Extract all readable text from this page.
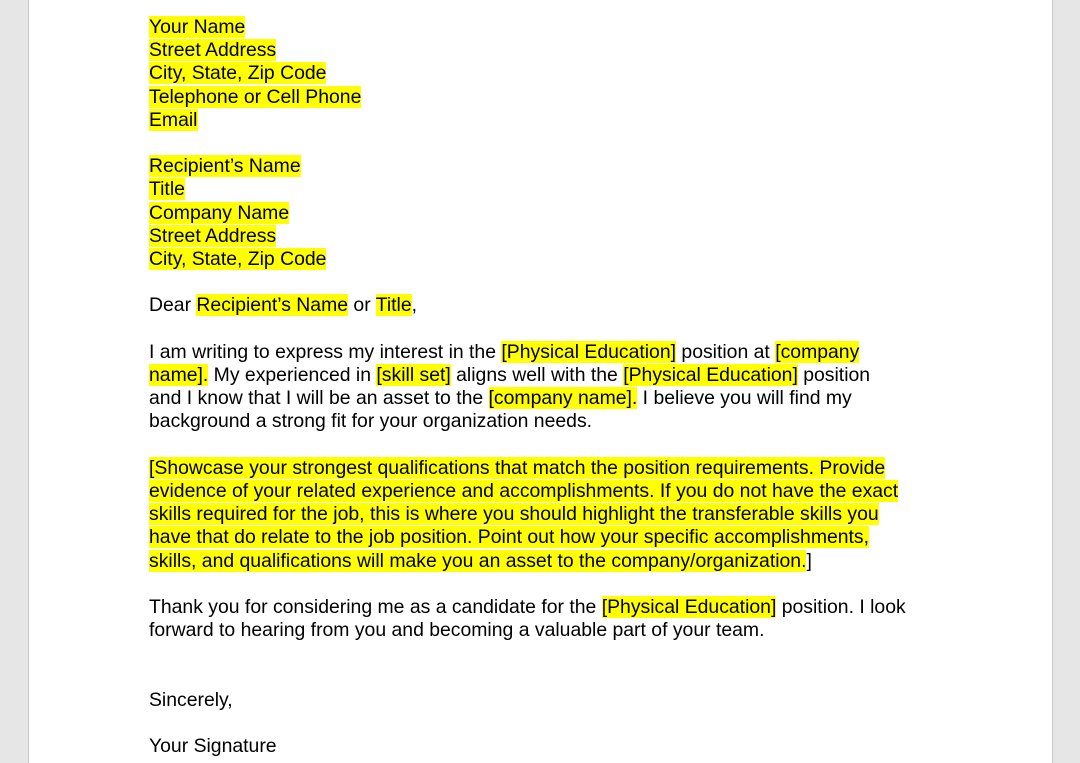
Your Name
Street Address
City, State, Zip Code
Telephone or Cell Phone
Email
Recipient’s Name
Title
Company Name
Street Address
City, State, Zip Code
Dear Recipient’s Name or Title,
I am writing to express my interest in the [Physical Education] position at [company
name]. My experienced in [skill set] aligns well with the [Physical Education] position
and I know that I will be an asset to the [company name]. I believe you will find my
background a strong fit for your organization needs.
[Showcase your strongest qualifications that match the position requirements. Provide
evidence of your related experience and accomplishments. If you do not have the exact
skills required for the job, this is where you should highlight the transferable skills you
have that do relate to the job position. Point out how your specific accomplishments,
skills, and qualifications will make you an asset to the company/organization.]
Thank you for considering me as a candidate for the [Physical Education] position. I look
forward to hearing from you and becoming a valuable part of your team.
Sincerely,
Your Signature
